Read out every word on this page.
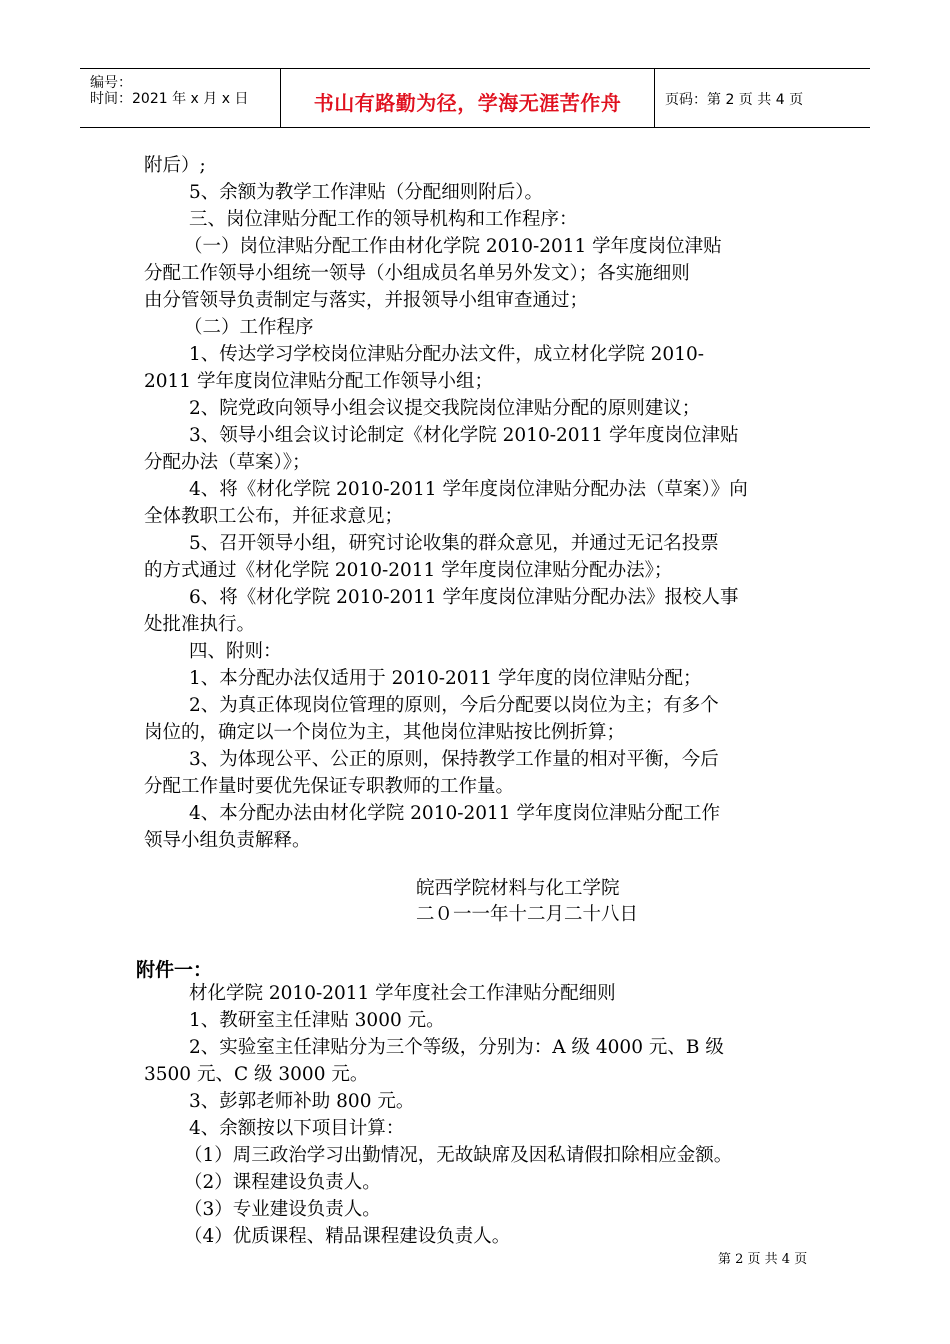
编号：
时间：2021 年 x 月 x 日	书山有路勤为径，学海无涯苦作舟	页码：第 2 页 共 4 页

附后）;

5、余额为教学工作津贴（分配细则附后）。

三、岗位津贴分配工作的领导机构和工作程序：

（一）岗位津贴分配工作由材化学院 2010-2011 学年度岗位津贴

分配工作领导小组统一领导（小组成员名单另外发文）；各实施细则

由分管领导负责制定与落实，并报领导小组审查通过；

（二）工作程序

1、传达学习学校岗位津贴分配办法文件，成立材化学院 2010-

2011 学年度岗位津贴分配工作领导小组；

2、院党政向领导小组会议提交我院岗位津贴分配的原则建议；

3、领导小组会议讨论制定《材化学院 2010-2011 学年度岗位津贴

分配办法（草案）》；

4、将《材化学院 2010-2011 学年度岗位津贴分配办法（草案）》向

全体教职工公布，并征求意见；

5、召开领导小组，研究讨论收集的群众意见，并通过无记名投票

的方式通过《材化学院 2010-2011 学年度岗位津贴分配办法》；

6、将《材化学院 2010-2011 学年度岗位津贴分配办法》报校人事

处批准执行。

四、附则：

1、本分配办法仅适用于 2010-2011 学年度的岗位津贴分配；

2、为真正体现岗位管理的原则，今后分配要以岗位为主；有多个

岗位的，确定以一个岗位为主，其他岗位津贴按比例折算；

3、为体现公平、公正的原则，保持教学工作量的相对平衡，今后

分配工作量时要优先保证专职教师的工作量。

4、本分配办法由材化学院 2010-2011 学年度岗位津贴分配工作

领导小组负责解释。

皖西学院材料与化工学院
二０一一年十二月二十八日
附件一：

材化学院 2010-2011 学年度社会工作津贴分配细则

1、教研室主任津贴 3000 元。

2、实验室主任津贴分为三个等级，分别为：A 级 4000 元、B 级

3500 元、C 级 3000 元。

3、彭郭老师补助 800 元。

4、余额按以下项目计算：

（1）周三政治学习出勤情况，无故缺席及因私请假扣除相应金额。

（2）课程建设负责人。

（3）专业建设负责人。

（4）优质课程、精品课程建设负责人。

第 2 页 共 4 页
